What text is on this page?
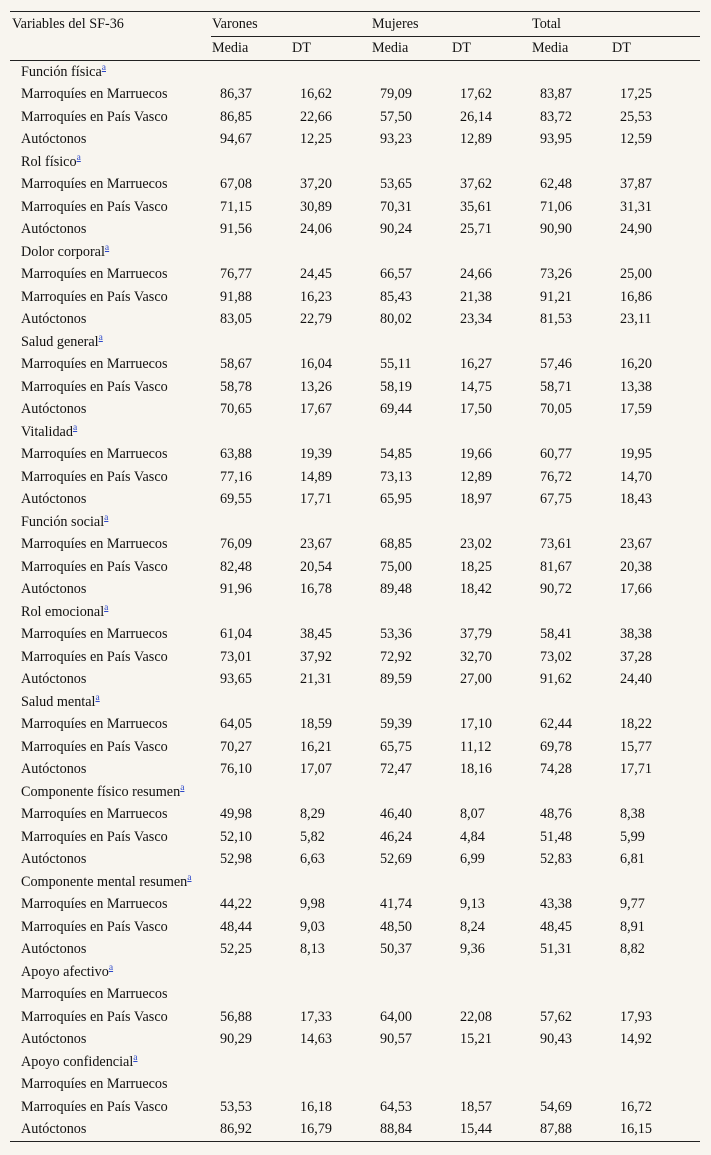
Variables del SF-36	Varones		Mujeres		Total	
	Media	DT	Media	DT	Media	DT
Función física$^a$
Marroquíes en Marruecos	86,37	16,62	79,09	17,62	83,87	17,25
Marroquíes en País Vasco	86,85	22,66	57,50	26,14	83,72	25,53
Autóctonos	94,67	12,25	93,23	12,89	93,95	12,59
Rol físico$^a$
Marroquíes en Marruecos	67,08	37,20	53,65	37,62	62,48	37,87
Marroquíes en País Vasco	71,15	30,89	70,31	35,61	71,06	31,31
Autóctonos	91,56	24,06	90,24	25,71	90,90	24,90
Dolor corporal$^a$
Marroquíes en Marruecos	76,77	24,45	66,57	24,66	73,26	25,00
Marroquíes en País Vasco	91,88	16,23	85,43	21,38	91,21	16,86
Autóctonos	83,05	22,79	80,02	23,34	81,53	23,11
Salud general$^a$
Marroquíes en Marruecos	58,67	16,04	55,11	16,27	57,46	16,20
Marroquíes en País Vasco	58,78	13,26	58,19	14,75	58,71	13,38
Autóctonos	70,65	17,67	69,44	17,50	70,05	17,59
Vitalidad$^a$
Marroquíes en Marruecos	63,88	19,39	54,85	19,66	60,77	19,95
Marroquíes en País Vasco	77,16	14,89	73,13	12,89	76,72	14,70
Autóctonos	69,55	17,71	65,95	18,97	67,75	18,43
Función social$^a$
Marroquíes en Marruecos	76,09	23,67	68,85	23,02	73,61	23,67
Marroquíes en País Vasco	82,48	20,54	75,00	18,25	81,67	20,38
Autóctonos	91,96	16,78	89,48	18,42	90,72	17,66
Rol emocional$^a$
Marroquíes en Marruecos	61,04	38,45	53,36	37,79	58,41	38,38
Marroquíes en País Vasco	73,01	37,92	72,92	32,70	73,02	37,28
Autóctonos	93,65	21,31	89,59	27,00	91,62	24,40
Salud mental$^a$
Marroquíes en Marruecos	64,05	18,59	59,39	17,10	62,44	18,22
Marroquíes en País Vasco	70,27	16,21	65,75	11,12	69,78	15,77
Autóctonos	76,10	17,07	72,47	18,16	74,28	17,71
Componente físico resumen$^a$
Marroquíes en Marruecos	49,98	8,29	46,40	8,07	48,76	8,38
Marroquíes en País Vasco	52,10	5,82	46,24	4,84	51,48	5,99
Autóctonos	52,98	6,63	52,69	6,99	52,83	6,81
Componente mental resumen$^a$
Marroquíes en Marruecos	44,22	9,98	41,74	9,13	43,38	9,77
Marroquíes en País Vasco	48,44	9,03	48,50	8,24	48,45	8,91
Autóctonos	52,25	8,13	50,37	9,36	51,31	8,82
Apoyo afectivo$^a$
Marroquíes en Marruecos						
Marroquíes en País Vasco	56,88	17,33	64,00	22,08	57,62	17,93
Autóctonos	90,29	14,63	90,57	15,21	90,43	14,92
Apoyo confidencial$^a$
Marroquíes en Marruecos						
Marroquíes en País Vasco	53,53	16,18	64,53	18,57	54,69	16,72
Autóctonos	86,92	16,79	88,84	15,44	87,88	16,15
